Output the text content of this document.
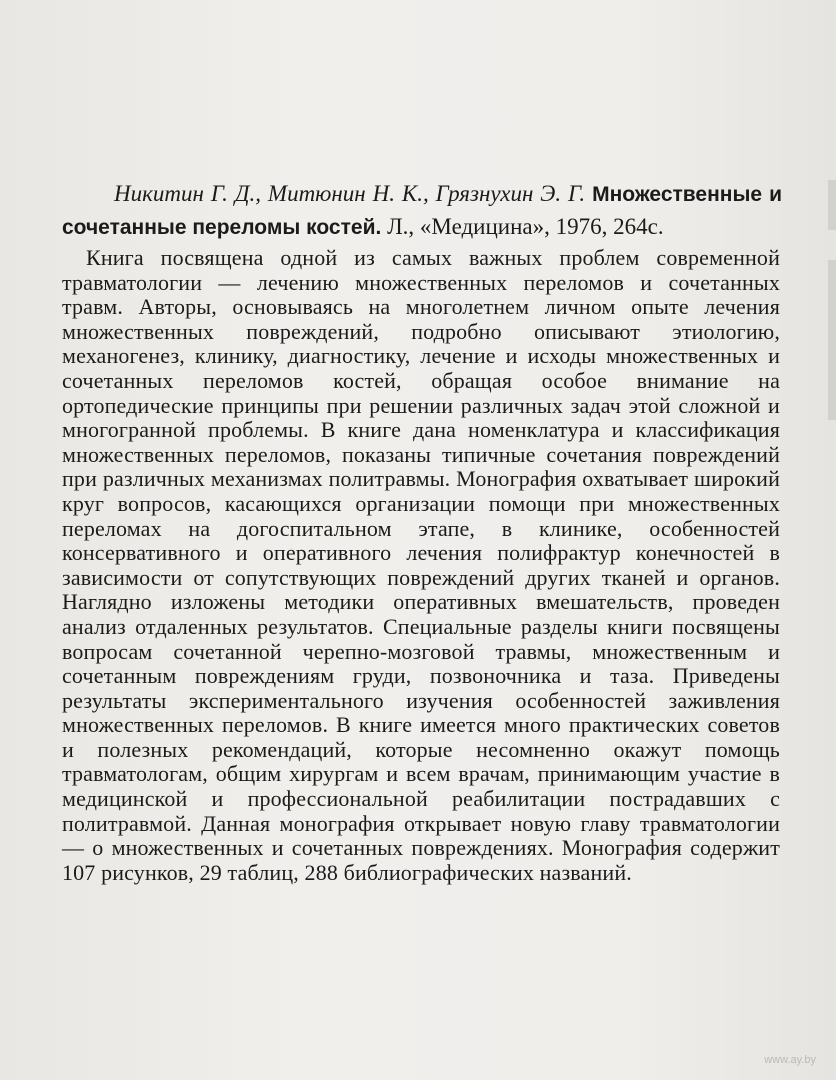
Никитин Г. Д., Митюнин Н. К., Грязнухин Э. Г. Множественные и сочетанные переломы костей. Л., «Медицина», 1976, 264с.

Книга посвящена одной из самых важных проблем современной травматологии — лечению множественных переломов и сочетанных травм. Авторы, основываясь на многолетнем личном опыте лечения множественных повреждений, подробно описывают этиологию, механогенез, клинику, диагностику, лечение и исходы множественных и сочетанных переломов костей, обращая особое внимание на ортопедические принципы при решении различных задач этой сложной и многогранной проблемы. В книге дана номенклатура и классификация множественных переломов, показаны типичные сочетания повреждений при различных механизмах политравмы. Монография охватывает широкий круг вопросов, касающихся организации помощи при множественных переломах на догоспитальном этапе, в клинике, особенностей консервативного и оперативного лечения полифрактур конечностей в зависимости от сопутствующих повреждений других тканей и органов. Наглядно изложены методики оперативных вмешательств, проведен анализ отдаленных результатов. Специальные разделы книги посвящены вопросам сочетанной черепно-мозговой травмы, множественным и сочетанным повреждениям груди, позвоночника и таза. Приведены результаты экспериментального изучения особенностей заживления множественных переломов. В книге имеется много практических советов и полезных рекомендаций, которые несомненно окажут помощь травматологам, общим хирургам и всем врачам, принимающим участие в медицинской и профессиональной реабилитации пострадавших с политравмой. Данная монография открывает новую главу травматологии — о множественных и сочетанных повреждениях. Монография содержит 107 рисунков, 29 таблиц, 288 библиографических названий.

www.ay.by
